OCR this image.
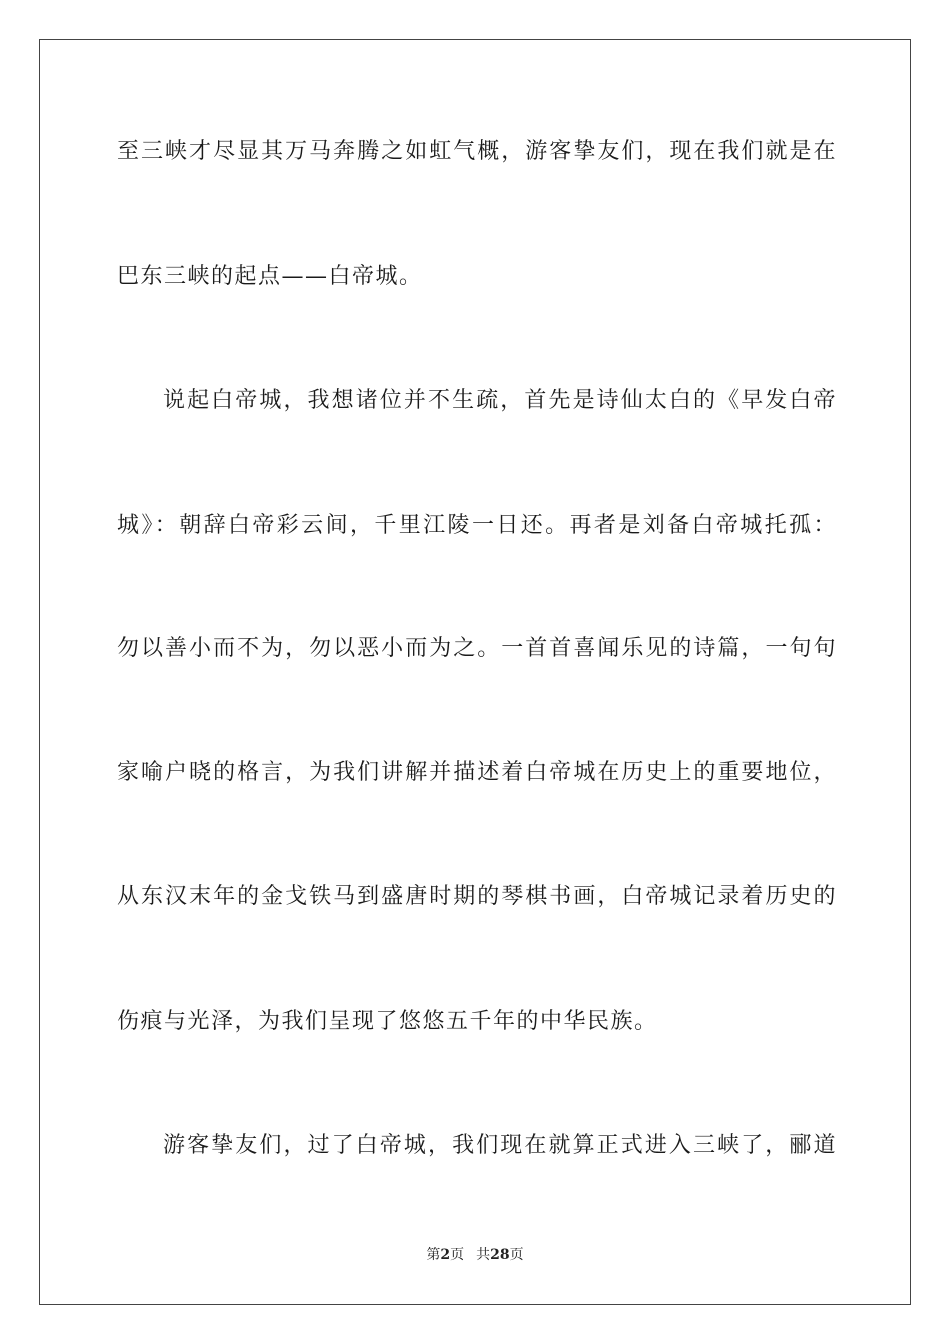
至三峡才尽显其万马奔腾之如虹气概，游客挚友们，现在我们就是在
巴东三峡的起点——白帝城。
说起白帝城，我想诸位并不生疏，首先是诗仙太白的《早发白帝
城》：朝辞白帝彩云间，千里江陵一日还。再者是刘备白帝城托孤：
勿以善小而不为，勿以恶小而为之。一首首喜闻乐见的诗篇，一句句
家喻户晓的格言，为我们讲解并描述着白帝城在历史上的重要地位，
从东汉末年的金戈铁马到盛唐时期的琴棋书画，白帝城记录着历史的
伤痕与光泽，为我们呈现了悠悠五千年的中华民族。
游客挚友们，过了白帝城，我们现在就算正式进入三峡了，郦道
第2页 共28页
